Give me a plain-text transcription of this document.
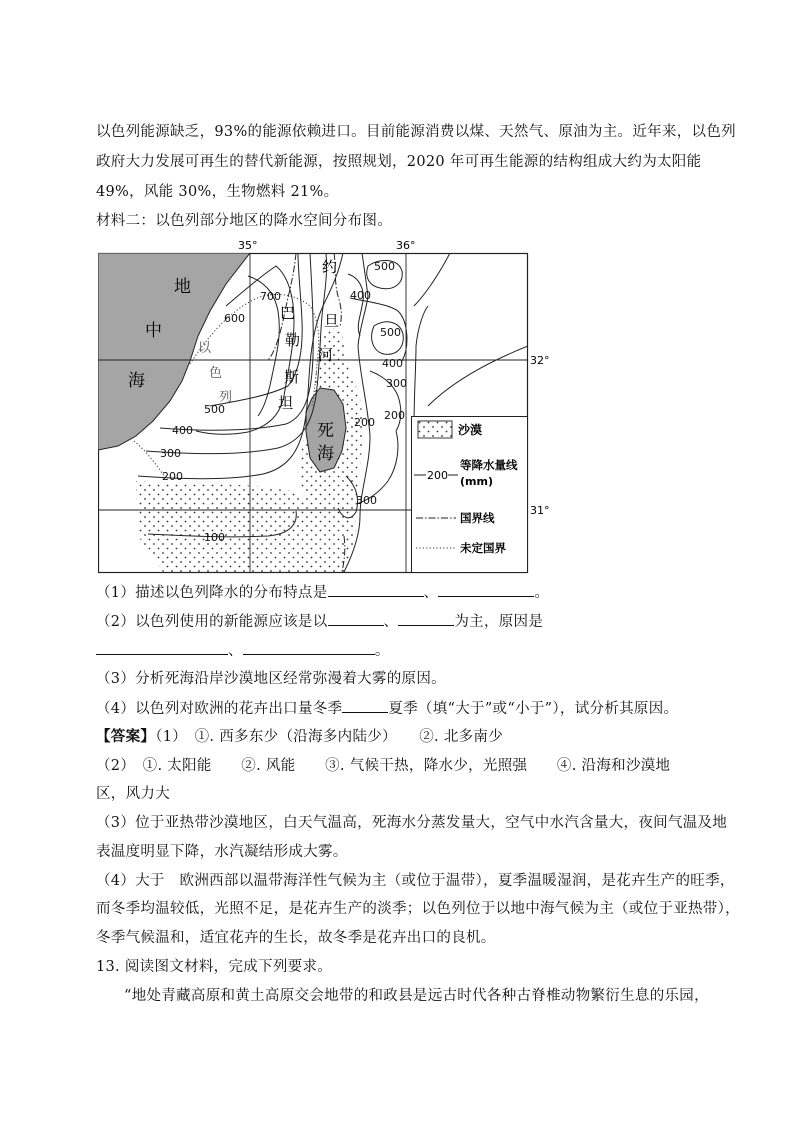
以色列能源缺乏，93%的能源依赖进口。目前能源消费以煤、天然气、原油为主。近年来，以色列
政府大力发展可再生的替代新能源，按照规划，2020 年可再生能源的结构组成大约为太阳能
49%，风能 30%，生物燃料 21%。
材料二：以色列部分地区的降水空间分布图。
35°	36°
32°
31°
地
中
海
以
色
列
约
旦
河
巴
勒
斯
坦
死
海
700
600
500
400
300
200
100
500
400
500
400
300
200
200
300
沙漠
200
等降水量线
(mm)
国界线
未定国界
（1）描述以色列降水的分布特点是	、	。
（2）以色列使用的新能源应该是以	、	为主，原因是
、	。
（3）分析死海沿岸沙漠地区经常弥漫着大雾的原因。
（4）以色列对欧洲的花卉出口量冬季	夏季（填“大于”或“小于”），试分析其原因。
【答案】（1）　①. 西多东少（沿海多内陆少）　　②. 北多南少
（2）　①. 太阳能　　②. 风能　　③. 气候干热，降水少，光照强　　④. 沿海和沙漠地
区，风力大
（3）位于亚热带沙漠地区，白天气温高，死海水分蒸发量大，空气中水汽含量大，夜间气温及地
表温度明显下降，水汽凝结形成大雾。
（4）大于　欧洲西部以温带海洋性气候为主（或位于温带），夏季温暖湿润，是花卉生产的旺季，
而冬季均温较低，光照不足，是花卉生产的淡季；以色列位于以地中海气候为主（或位于亚热带），
冬季气候温和，适宜花卉的生长，故冬季是花卉出口的良机。
13. 阅读图文材料，完成下列要求。
“地处青藏高原和黄土高原交会地带的和政县是远古时代各种古脊椎动物繁衍生息的乐园，
